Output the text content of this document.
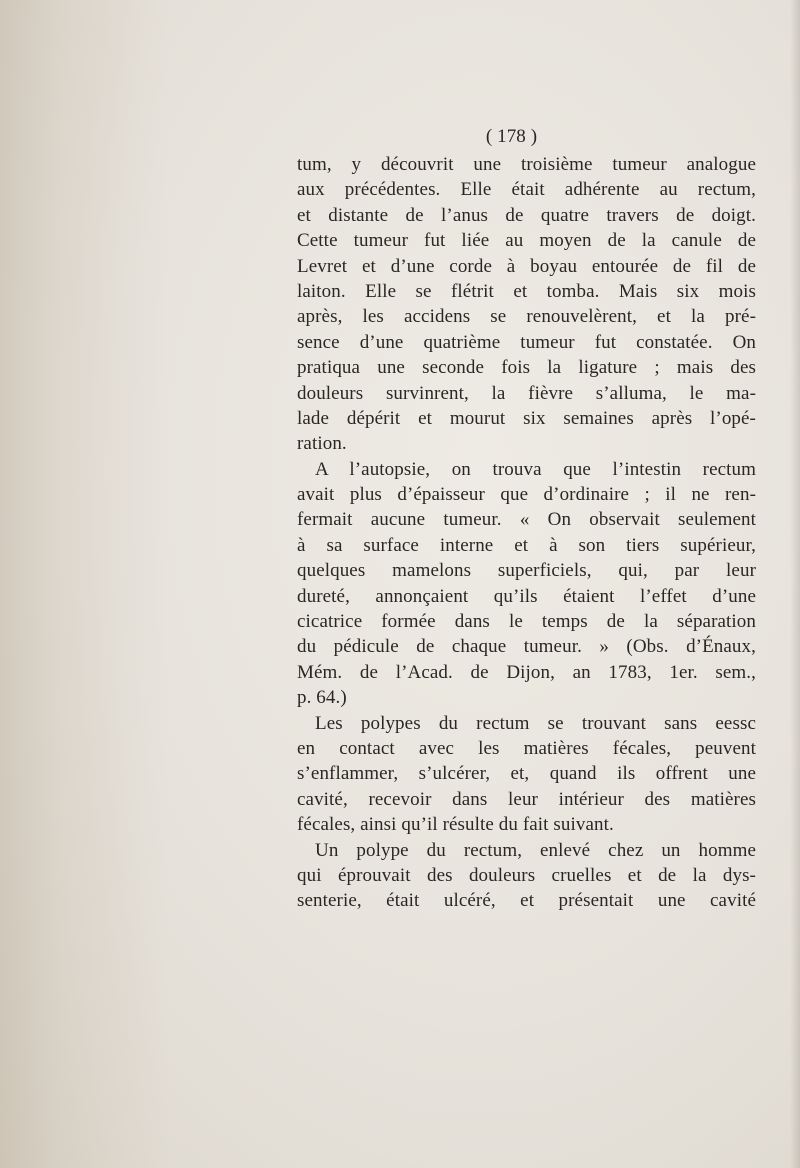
( 178 )
tum, y découvrit une troisième tumeur analogue
aux précédentes. Elle était adhérente au rectum,
et distante de l’anus de quatre travers de doigt.
Cette tumeur fut liée au moyen de la canule de
Levret et d’une corde à boyau entourée de fil de
laiton. Elle se flétrit et tomba. Mais six mois
après, les accidens se renouvelèrent, et la pré-
sence d’une quatrième tumeur fut constatée. On
pratiqua une seconde fois la ligature ; mais des
douleurs survinrent, la fièvre s’alluma, le ma-
lade dépérit et mourut six semaines après l’opé-
ration.
A l’autopsie, on trouva que l’intestin rectum
avait plus d’épaisseur que d’ordinaire ; il ne ren-
fermait aucune tumeur. « On observait seulement
à sa surface interne et à son tiers supérieur,
quelques mamelons superficiels, qui, par leur
dureté, annonçaient qu’ils étaient l’effet d’une
cicatrice formée dans le temps de la séparation
du pédicule de chaque tumeur. » (Obs. d’Énaux,
Mém. de l’Acad. de Dijon, an 1783, 1er. sem.,
p. 64.)
Les polypes du rectum se trouvant sans eessc
en contact avec les matières fécales, peuvent
s’enflammer, s’ulcérer, et, quand ils offrent une
cavité, recevoir dans leur intérieur des matières
fécales, ainsi qu’il résulte du fait suivant.
Un polype du rectum, enlevé chez un homme
qui éprouvait des douleurs cruelles et de la dys-
senterie, était ulcéré, et présentait une cavité
